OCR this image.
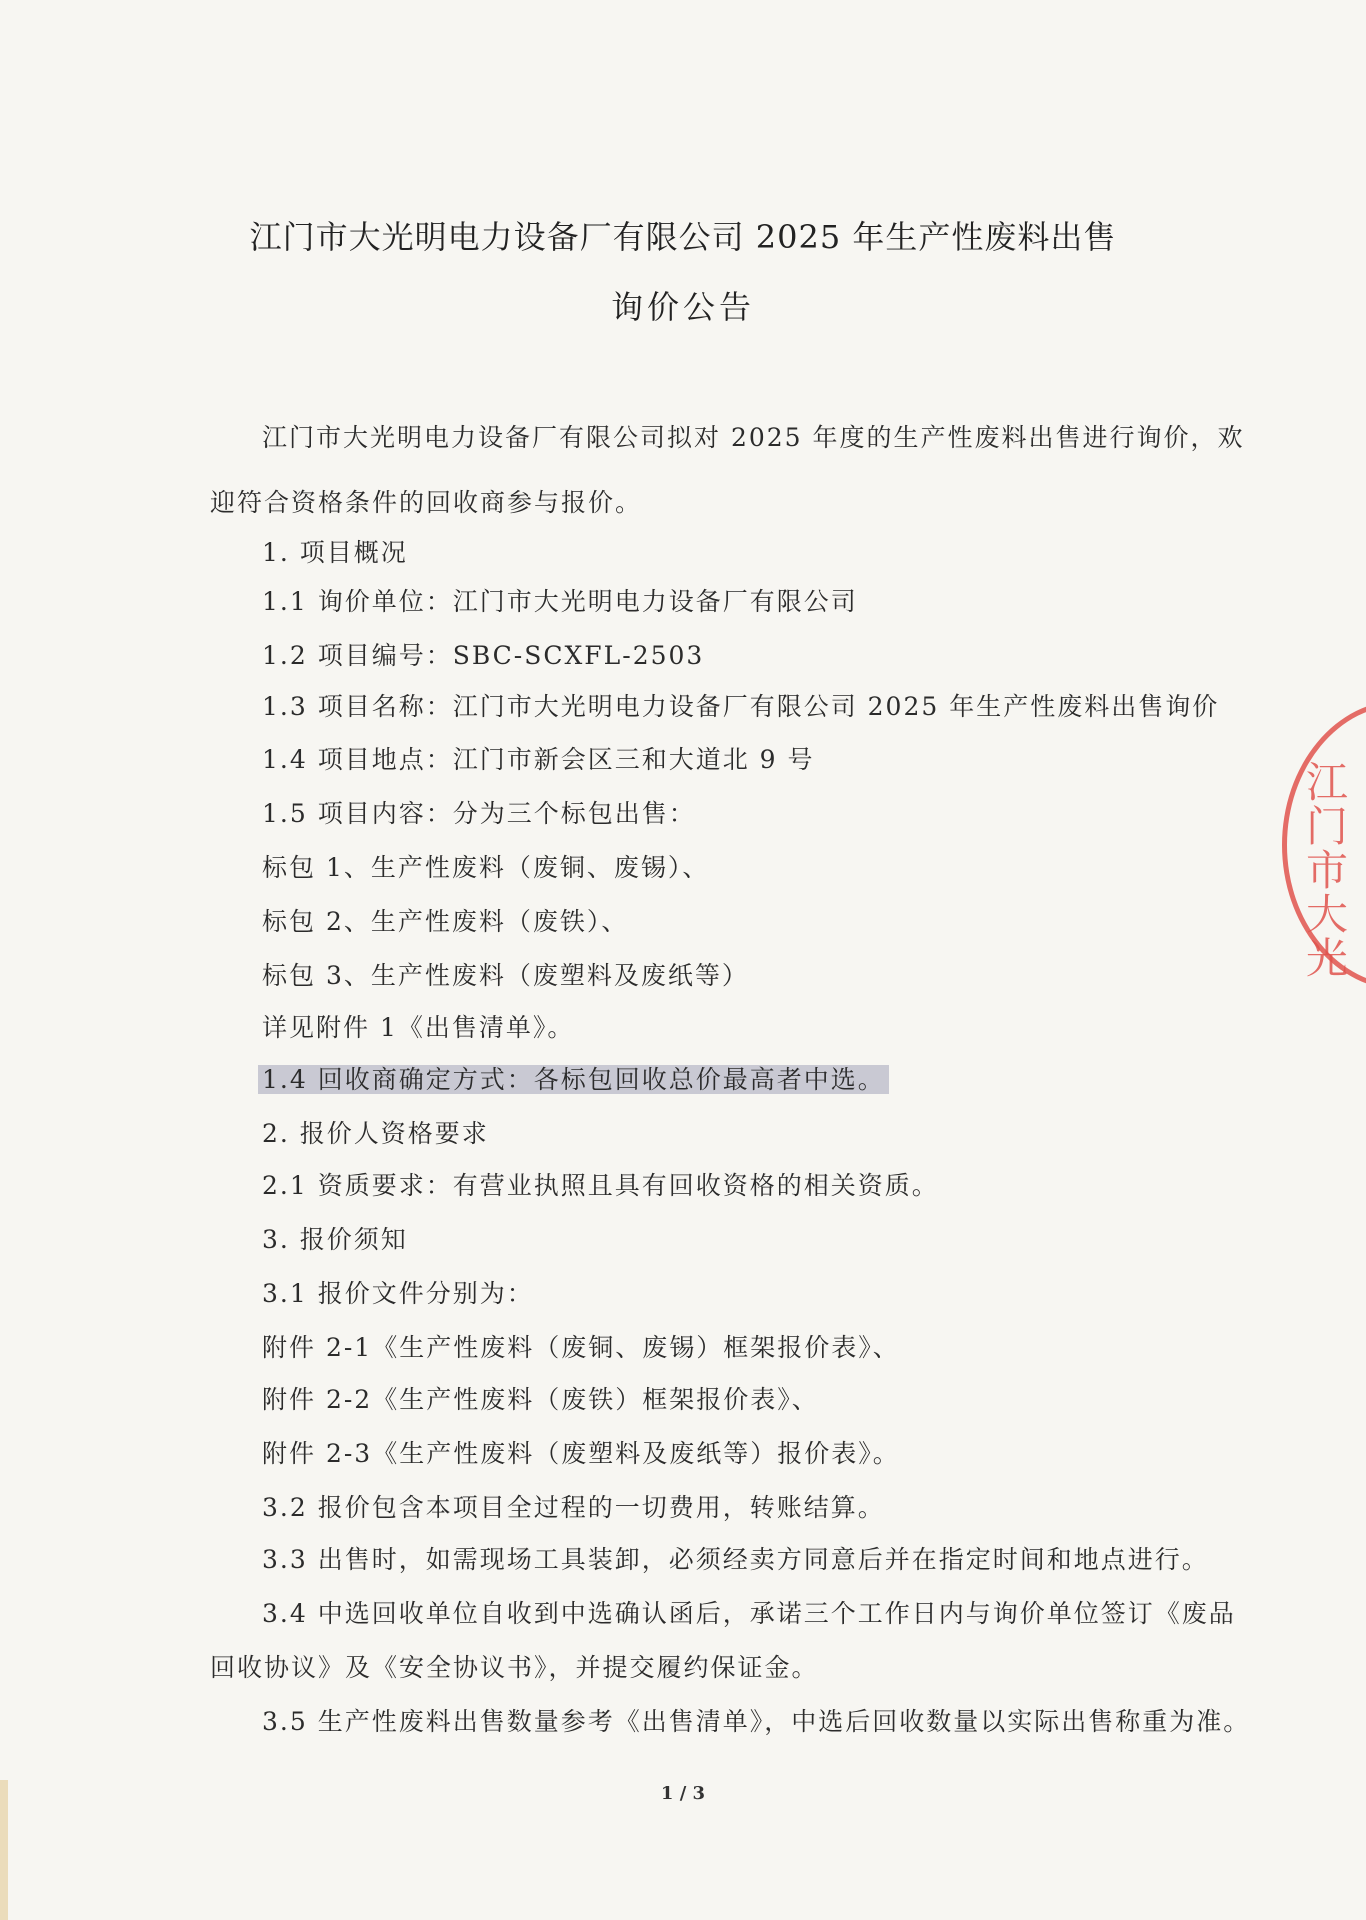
江门市大光明电力设备厂有限公司 2025 年生产性废料出售
询价公告
江门市大光明电力设备厂有限公司拟对 2025 年度的生产性废料出售进行询价，欢
迎符合资格条件的回收商参与报价。
1. 项目概况
1.1 询价单位：江门市大光明电力设备厂有限公司
1.2 项目编号：SBC-SCXFL-2503
1.3 项目名称：江门市大光明电力设备厂有限公司 2025 年生产性废料出售询价
1.4 项目地点：江门市新会区三和大道北 9 号
1.5 项目内容：分为三个标包出售：
标包 1、生产性废料（废铜、废锡）、
标包 2、生产性废料（废铁）、
标包 3、生产性废料（废塑料及废纸等）
详见附件 1《出售清单》。
1.4 回收商确定方式：各标包回收总价最高者中选。
2. 报价人资格要求
2.1 资质要求：有营业执照且具有回收资格的相关资质。
3. 报价须知
3.1 报价文件分别为：
附件 2-1《生产性废料（废铜、废锡）框架报价表》、
附件 2-2《生产性废料（废铁）框架报价表》、
附件 2-3《生产性废料（废塑料及废纸等）报价表》。
3.2 报价包含本项目全过程的一切费用，转账结算。
3.3 出售时，如需现场工具装卸，必须经卖方同意后并在指定时间和地点进行。
3.4 中选回收单位自收到中选确认函后，承诺三个工作日内与询价单位签订《废品
回收协议》及《安全协议书》，并提交履约保证金。
3.5 生产性废料出售数量参考《出售清单》，中选后回收数量以实际出售称重为准。
1 / 3
江门市大光
